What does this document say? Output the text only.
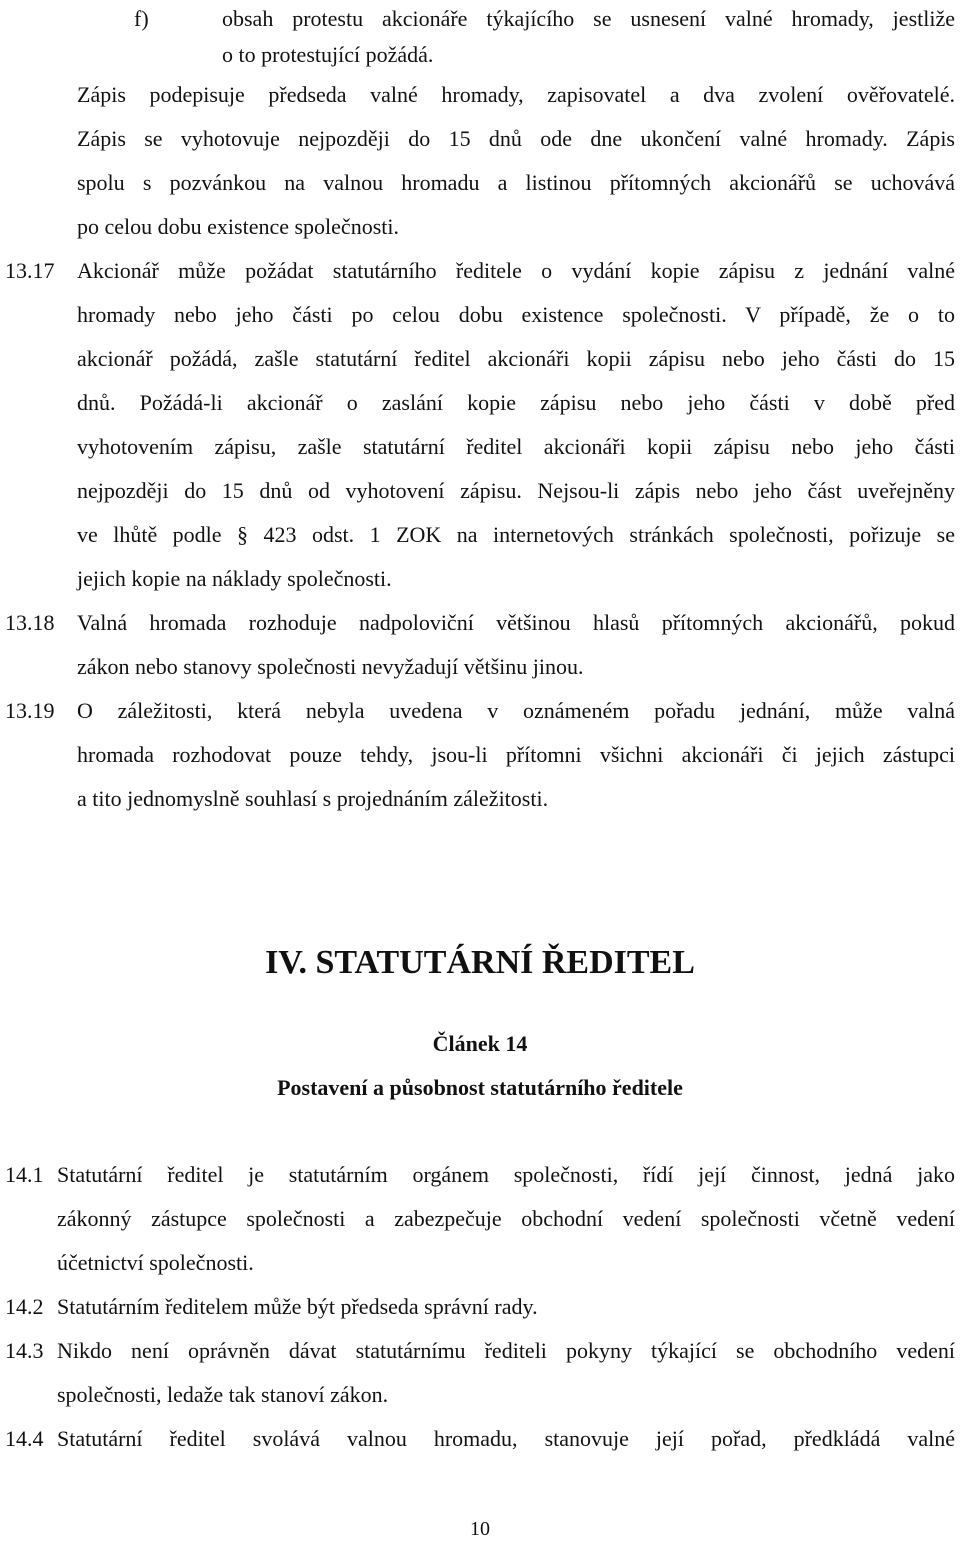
f)	obsah protestu akcionáře týkajícího se usnesení valné hromady, jestliže
o to protestující požádá.
Zápis podepisuje předseda valné hromady, zapisovatel a dva zvolení ověřovatelé.
Zápis se vyhotovuje nejpozději do 15 dnů ode dne ukončení valné hromady. Zápis
spolu s pozvánkou na valnou hromadu a listinou přítomných akcionářů se uchovává
po celou dobu existence společnosti.
13.17 Akcionář může požádat statutárního ředitele o vydání kopie zápisu z jednání valné
hromady nebo jeho části po celou dobu existence společnosti. V případě, že o to
akcionář požádá, zašle statutární ředitel akcionáři kopii zápisu nebo jeho části do 15
dnů. Požádá-li akcionář o zaslání kopie zápisu nebo jeho části v době před
vyhotovením zápisu, zašle statutární ředitel akcionáři kopii zápisu nebo jeho části
nejpozději do 15 dnů od vyhotovení zápisu. Nejsou-li zápis nebo jeho část uveřejněny
ve lhůtě podle § 423 odst. 1 ZOK na internetových stránkách společnosti, pořizuje se
jejich kopie na náklady společnosti.
13.18 Valná hromada rozhoduje nadpoloviční většinou hlasů přítomných akcionářů, pokud
zákon nebo stanovy společnosti nevyžadují většinu jinou.
13.19 O záležitosti, která nebyla uvedena v oznámeném pořadu jednání, může valná
hromada rozhodovat pouze tehdy, jsou-li přítomni všichni akcionáři či jejich zástupci
a tito jednomyslně souhlasí s projednáním záležitosti.
IV. STATUTÁRNÍ ŘEDITEL
Článek 14
Postavení a působnost statutárního ředitele
14.1 Statutární ředitel je statutárním orgánem společnosti, řídí její činnost, jedná jako
zákonný zástupce společnosti a zabezpečuje obchodní vedení společnosti včetně vedení
účetnictví společnosti.
14.2 Statutárním ředitelem může být předseda správní rady.
14.3 Nikdo není oprávněn dávat statutárnímu řediteli pokyny týkající se obchodního vedení
společnosti, ledaže tak stanoví zákon.
14.4 Statutární ředitel svolává valnou hromadu, stanovuje její pořad, předkládá valné
10
